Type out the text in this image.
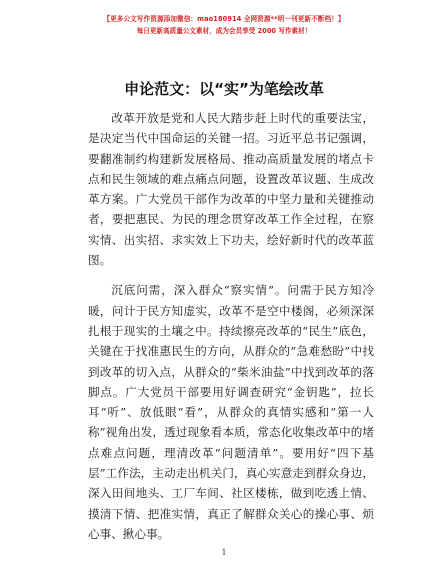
【更多公文写作资源添加微信：mao180914 全网资源**明一刊更新不断档！】
每日更新高质量公文素材，成为会员享受 2000 写作素材！
申论范文：以“实”为笔绘改革

改革开放是党和人民大踏步赶上时代的重要法宝，是决定当代中国命运的关键一招。习近平总书记强调，要翻准制约构建新发展格局、推动高质量发展的堵点卡点和民生领域的难点痛点问题，设置改革议题、生成改革方案。广大党员干部作为改革的中坚力量和关键推动者，要把惠民、为民的理念贯穿改革工作全过程，在察实情、出实招、求实效上下功夫，绘好新时代的改革蓝图。

沉底问需，深入群众“察实情”。问需于民方知冷暖，问计于民方知虚实，改革不是空中楼阁，必须深深扎根于现实的土壤之中。持续擦亮改革的“民生”底色，关键在于找准惠民生的方向，从群众的“急难愁盼”中找到改革的切入点，从群众的“柴米油盐”中找到改革的落脚点。广大党员干部要用好调查研究“金钥匙”，拉长耳“听”、放低眼“看”，从群众的真情实感和“第一人称”视角出发，透过现象看本质，常态化收集改革中的堵点难点问题，理清改革“问题清单”。要用好“四下基层”工作法，主动走出机关门，真心实意走到群众身边，深入田间地头、工厂车间、社区楼栋，做到吃透上情、摸清下情、把准实情，真正了解群众关心的操心事、烦心事、揪心事。

1
